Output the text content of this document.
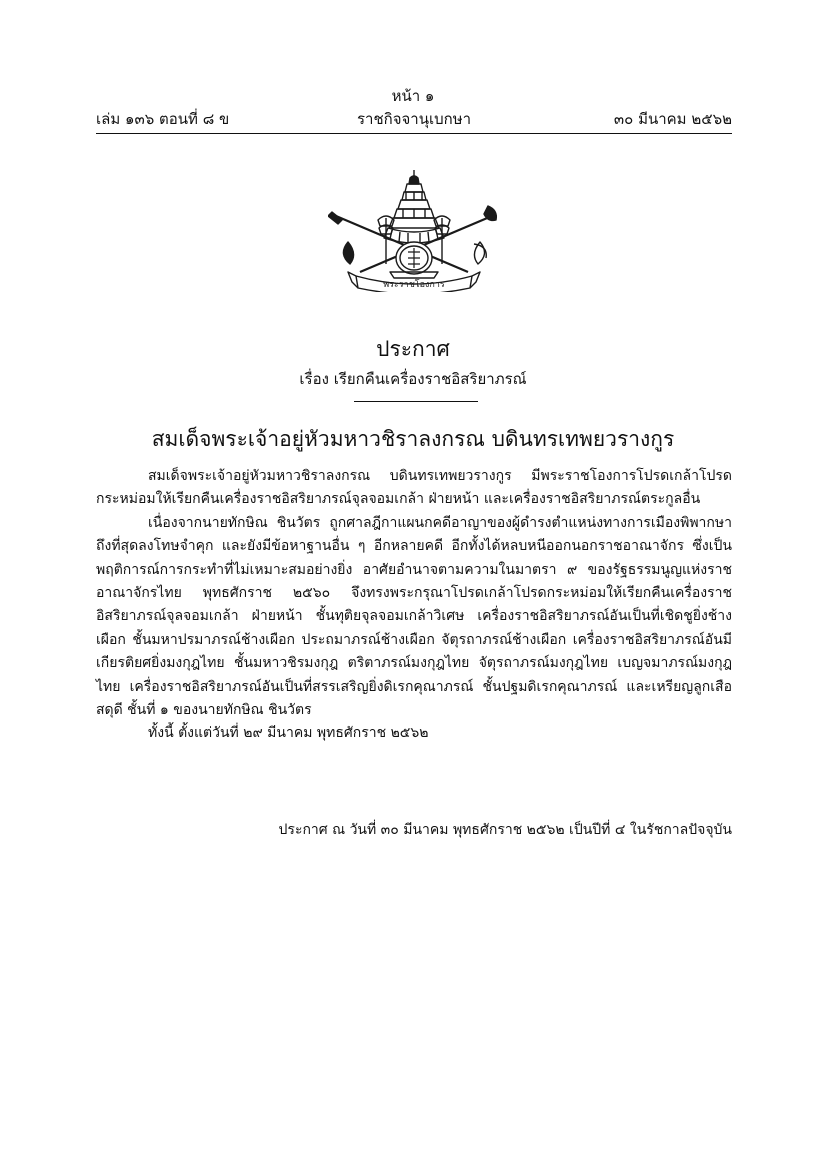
หน้า ๑
เล่ม ๑๓๖ ตอนที่ ๘ ข	ราชกิจจานุเบกษา	๓๐ มีนาคม ๒๕๖๒
พระราชโองการ
ประกาศ
เรื่อง เรียกคืนเครื่องราชอิสริยาภรณ์
สมเด็จพระเจ้าอยู่หัวมหาวชิราลงกรณ บดินทรเทพยวรางกูร

สมเด็จพระเจ้าอยู่หัวมหาวชิราลงกรณ บดินทรเทพยวรางกูร มีพระราชโองการโปรดเกล้าโปรดกระหม่อมให้เรียกคืนเครื่องราชอิสริยาภรณ์จุลจอมเกล้า ฝ่ายหน้า และเครื่องราชอิสริยาภรณ์ตระกูลอื่น

เนื่องจากนายทักษิณ ชินวัตร ถูกศาลฎีกาแผนกคดีอาญาของผู้ดำรงตำแหน่งทางการเมืองพิพากษาถึงที่สุดลงโทษจำคุก และยังมีข้อหาฐานอื่น ๆ อีกหลายคดี อีกทั้งได้หลบหนีออกนอกราชอาณาจักร ซึ่งเป็นพฤติการณ์การกระทำที่ไม่เหมาะสมอย่างยิ่ง อาศัยอำนาจตามความในมาตรา ๙ ของรัฐธรรมนูญแห่งราชอาณาจักรไทย พุทธศักราช ๒๕๖๐ จึงทรงพระกรุณาโปรดเกล้าโปรดกระหม่อมให้เรียกคืนเครื่องราชอิสริยาภรณ์จุลจอมเกล้า ฝ่ายหน้า ชั้นทุติยจุลจอมเกล้าวิเศษ เครื่องราชอิสริยาภรณ์อันเป็นที่เชิดชูยิ่งช้างเผือก ชั้นมหาปรมาภรณ์ช้างเผือก ประถมาภรณ์ช้างเผือก จัตุรถาภรณ์ช้างเผือก เครื่องราชอิสริยาภรณ์อันมีเกียรติยศยิ่งมงกุฎไทย ชั้นมหาวชิรมงกุฎ ตริตาภรณ์มงกุฎไทย จัตุรถาภรณ์มงกุฎไทย เบญจมาภรณ์มงกุฎไทย เครื่องราชอิสริยาภรณ์อันเป็นที่สรรเสริญยิ่งดิเรกคุณาภรณ์ ชั้นปฐมดิเรกคุณาภรณ์ และเหรียญลูกเสือสดุดี ชั้นที่ ๑ ของนายทักษิณ ชินวัตร

ทั้งนี้ ตั้งแต่วันที่ ๒๙ มีนาคม พุทธศักราช ๒๕๖๒

ประกาศ ณ วันที่ ๓๐ มีนาคม พุทธศักราช ๒๕๖๒ เป็นปีที่ ๔ ในรัชกาลปัจจุบัน
